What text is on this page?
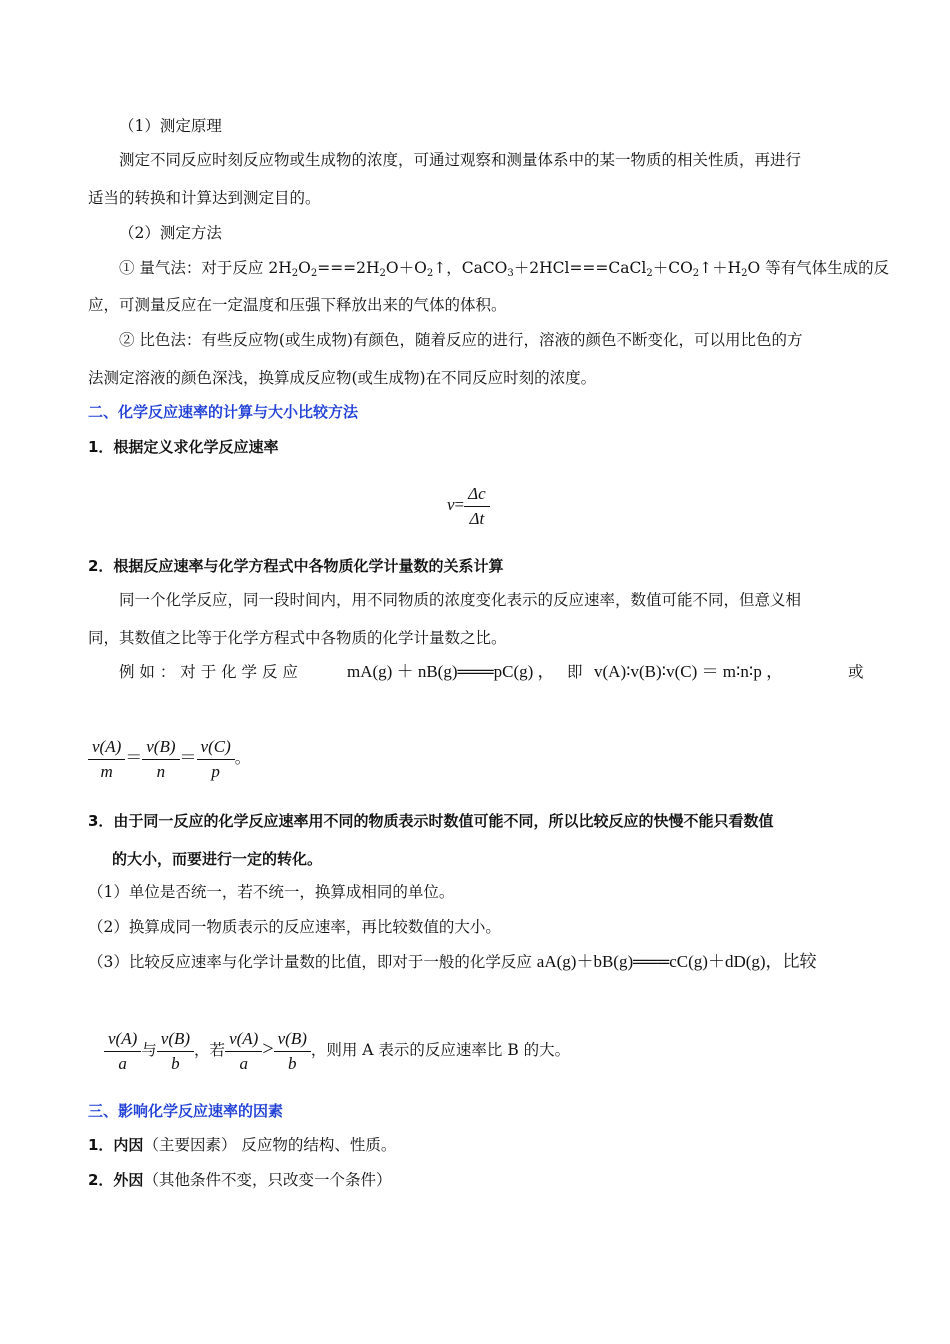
（1）测定原理
测定不同反应时刻反应物或生成物的浓度，可通过观察和测量体系中的某一物质的相关性质，再进行
适当的转换和计算达到测定目的。
（2）测定方法
① 量气法：对于反应 $2H_2O_2===2H_2O+O_2↑$，$CaCO_3+2HCl===CaCl_2+CO_2↑+H_2O$ 等有气体生成的反
应，可测量反应在一定温度和压强下释放出来的气体的体积。
② 比色法：有些反应物(或生成物)有颜色，随着反应的进行，溶液的颜色不断变化，可以用比色的方
法测定溶液的颜色深浅，换算成反应物(或生成物)在不同反应时刻的浓度。
二、化学反应速率的计算与大小比较方法
1．根据定义求化学反应速率
$v= \frac{\Delta c}{\Delta t}$
2．根据反应速率与化学方程式中各物质化学计量数的关系计算
同一个化学反应，同一段时间内，用不同物质的浓度变化表示的反应速率，数值可能不同，但意义相
同，其数值之比等于化学方程式中各物质的化学计量数之比。
例 如 ： 对 于 化 学 反 应	mA(g) ＋ nB(g)═══pC(g) ， 即 v(A)∶v(B)∶v(C) ＝ m∶n∶p ，	或
$\frac{v(A)}{m} = \frac{v(B)}{n} = \frac{v(C)}{p}$ 。
3．由于同一反应的化学反应速率用不同的物质表示时数值可能不同，所以比较反应的快慢不能只看数值
的大小，而要进行一定的转化。
（1）单位是否统一，若不统一，换算成相同的单位。
（2）换算成同一物质表示的反应速率，再比较数值的大小。
（3）比较反应速率与化学计量数的比值，即对于一般的化学反应 aA(g)＋bB(g)═══cC(g)＋dD(g)，比较
$\frac{v(A)}{a}$ 与 $\frac{v(B)}{b}$ ，若 $\frac{v(A)}{a} > \frac{v(B)}{b}$ ，则用 A 表示的反应速率比 B 的大。
三、影响化学反应速率的因素
1．内因（主要因素） 反应物的结构、性质。
2．外因（其他条件不变，只改变一个条件）
